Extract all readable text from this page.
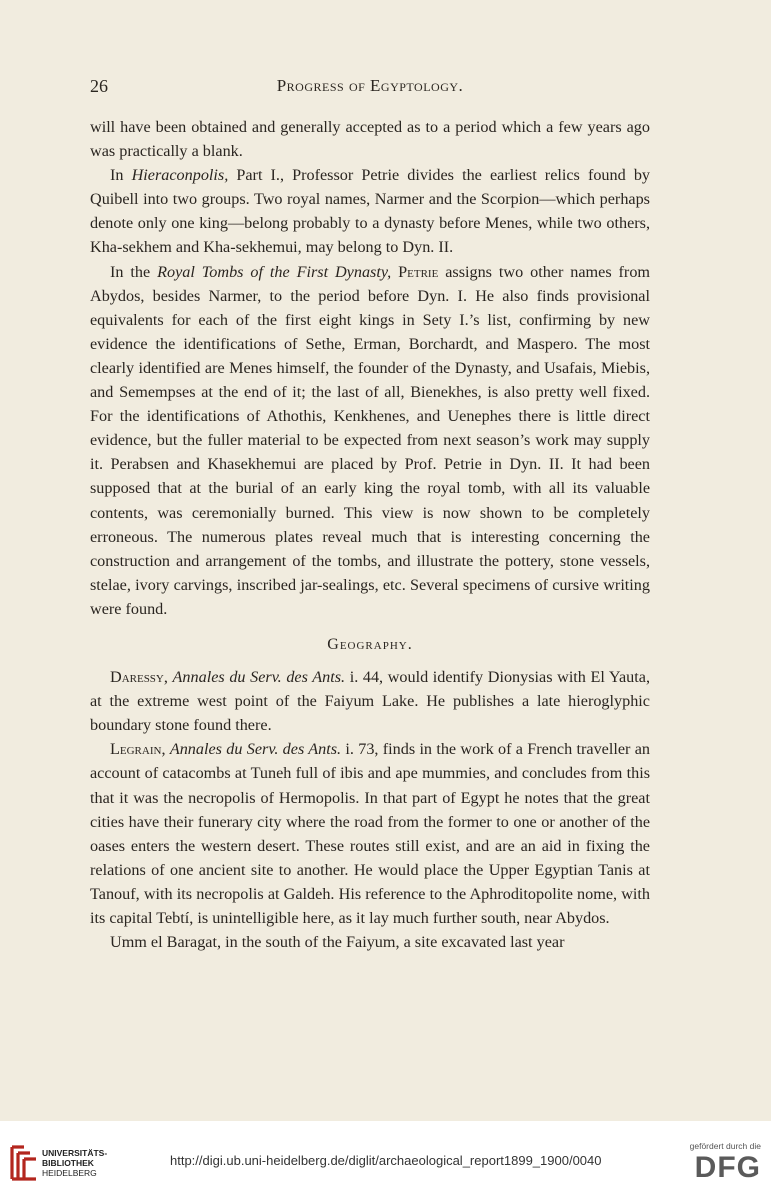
26	Progress of Egyptology.

will have been obtained and generally accepted as to a period which a few years ago was practically a blank.

In Hieraconpolis, Part I., Professor Petrie divides the earliest relics found by Quibell into two groups. Two royal names, Narmer and the Scorpion—which perhaps denote only one king—belong probably to a dynasty before Menes, while two others, Kha-sekhem and Kha-sekhemui, may belong to Dyn. II.

In the Royal Tombs of the First Dynasty, Petrie assigns two other names from Abydos, besides Narmer, to the period before Dyn. I. He also finds provisional equivalents for each of the first eight kings in Sety I.’s list, confirming by new evidence the identifications of Sethe, Erman, Borchardt, and Maspero. The most clearly identified are Menes himself, the founder of the Dynasty, and Usafais, Miebis, and Semempses at the end of it; the last of all, Bienekhes, is also pretty well fixed. For the identifications of Athothis, Kenkhenes, and Uenephes there is little direct evidence, but the fuller material to be expected from next season’s work may supply it. Perabsen and Khasekhemui are placed by Prof. Petrie in Dyn. II. It had been supposed that at the burial of an early king the royal tomb, with all its valuable contents, was ceremonially burned. This view is now shown to be completely erroneous. The numerous plates reveal much that is interesting concerning the construction and arrangement of the tombs, and illustrate the pottery, stone vessels, stelae, ivory carvings, inscribed jar-sealings, etc. Several specimens of cursive writing were found.

Geography.

Daressy, Annales du Serv. des Ants. i. 44, would identify Dionysias with El Yauta, at the extreme west point of the Faiyum Lake. He publishes a late hieroglyphic boundary stone found there.

Legrain, Annales du Serv. des Ants. i. 73, finds in the work of a French traveller an account of catacombs at Tuneh full of ibis and ape mummies, and concludes from this that it was the necropolis of Hermopolis. In that part of Egypt he notes that the great cities have their funerary city where the road from the former to one or another of the oases enters the western desert. These routes still exist, and are an aid in fixing the relations of one ancient site to another. He would place the Upper Egyptian Tanis at Tanouf, with its necropolis at Galdeh. His reference to the Aphroditopolite nome, with its capital Tebtí, is unintelligible here, as it lay much further south, near Abydos.

Umm el Baragat, in the south of the Faiyum, a site excavated last year

UNIVERSITÄTS-
BIBLIOTHEK
HEIDELBERG
http://digi.ub.uni-heidelberg.de/diglit/archaeological_report1899_1900/0040
gefördert durch die
DFG
